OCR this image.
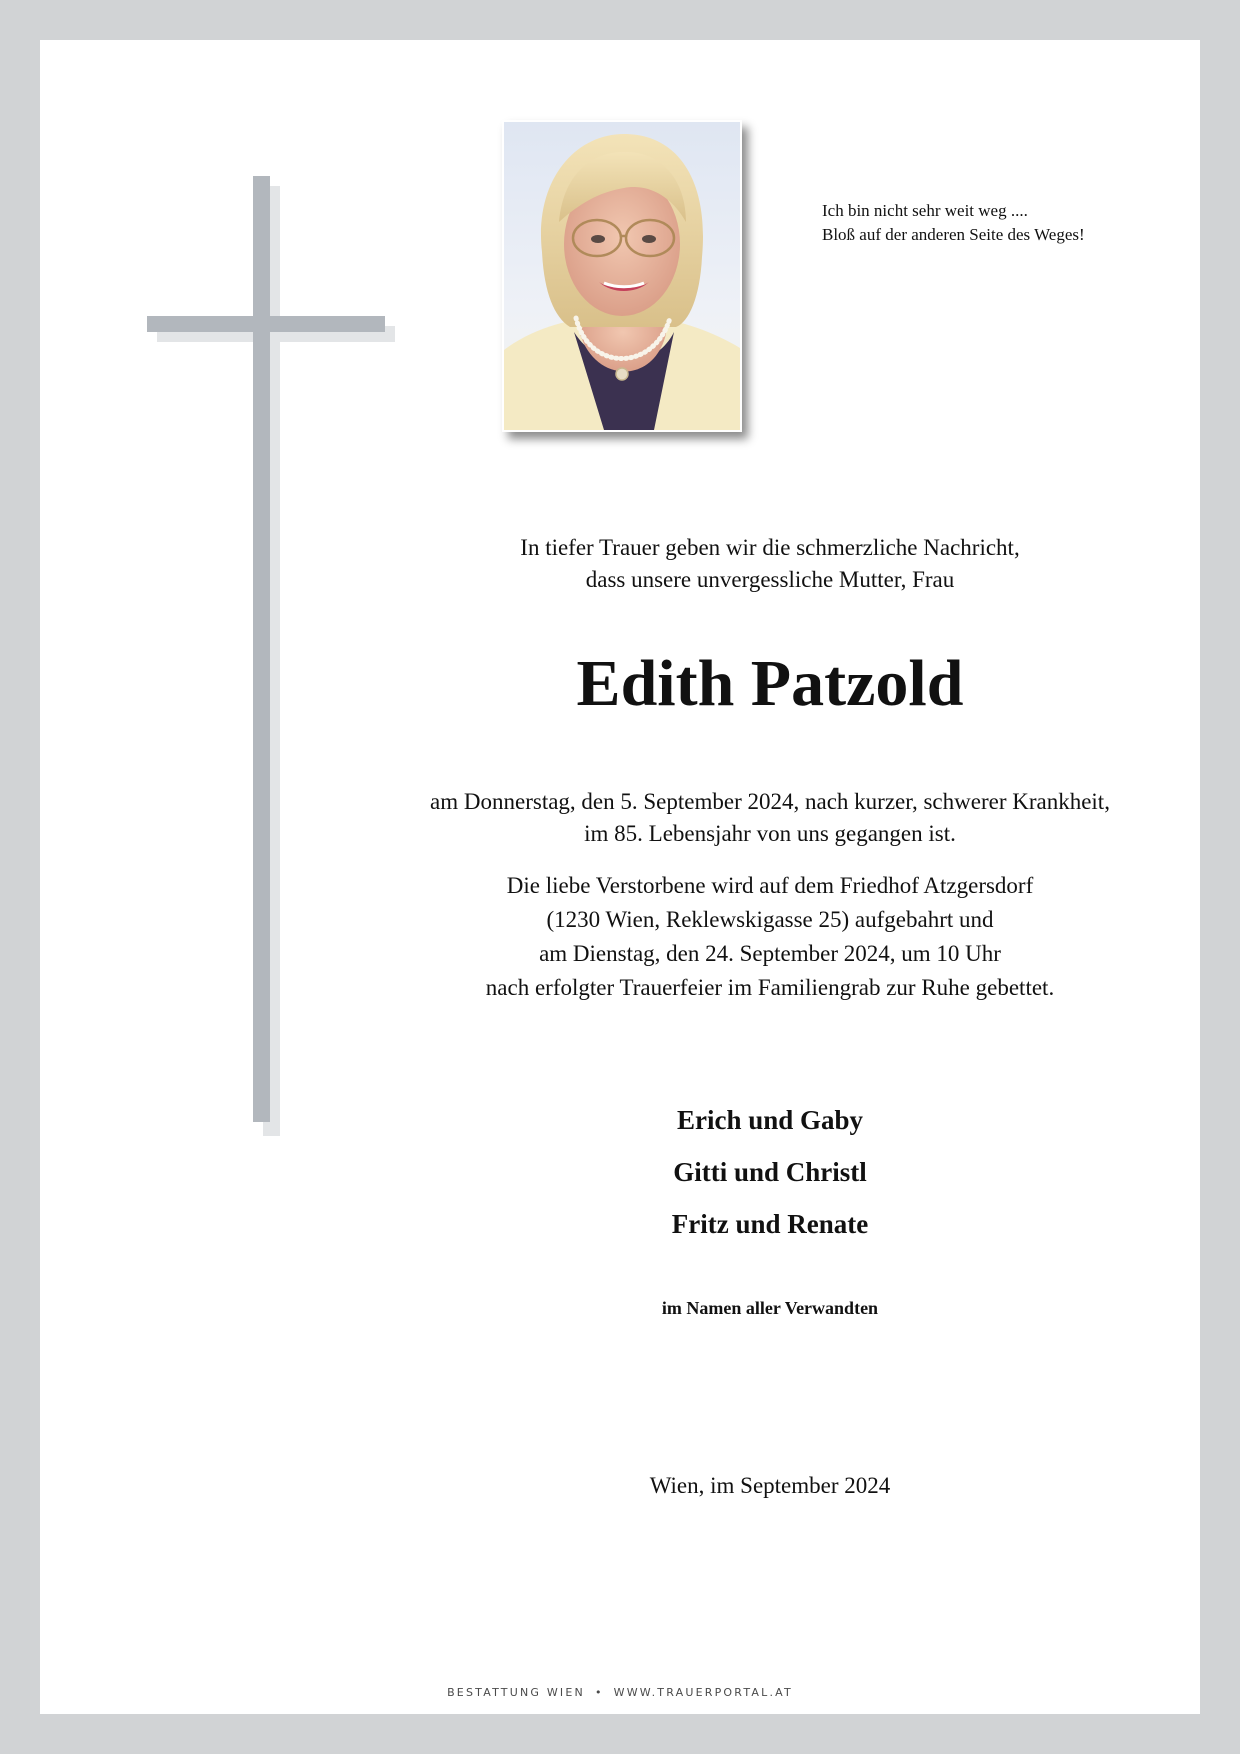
Ich bin nicht sehr weit weg ....
Bloß auf der anderen Seite des Weges!
In tiefer Trauer geben wir die schmerzliche Nachricht,
dass unsere unvergessliche Mutter, Frau
Edith Patzold
am Donnerstag, den 5. September 2024, nach kurzer, schwerer Krankheit,
im 85. Lebensjahr von uns gegangen ist.
Die liebe Verstorbene wird auf dem Friedhof Atzgersdorf
(1230 Wien, Reklewskigasse 25) aufgebahrt und
am Dienstag, den 24. September 2024, um 10 Uhr
nach erfolgter Trauerfeier im Familiengrab zur Ruhe gebettet.
Erich und Gaby
Gitti und Christl
Fritz und Renate
im Namen aller Verwandten
Wien, im September 2024
BESTATTUNG WIEN • WWW.TRAUERPORTAL.AT
